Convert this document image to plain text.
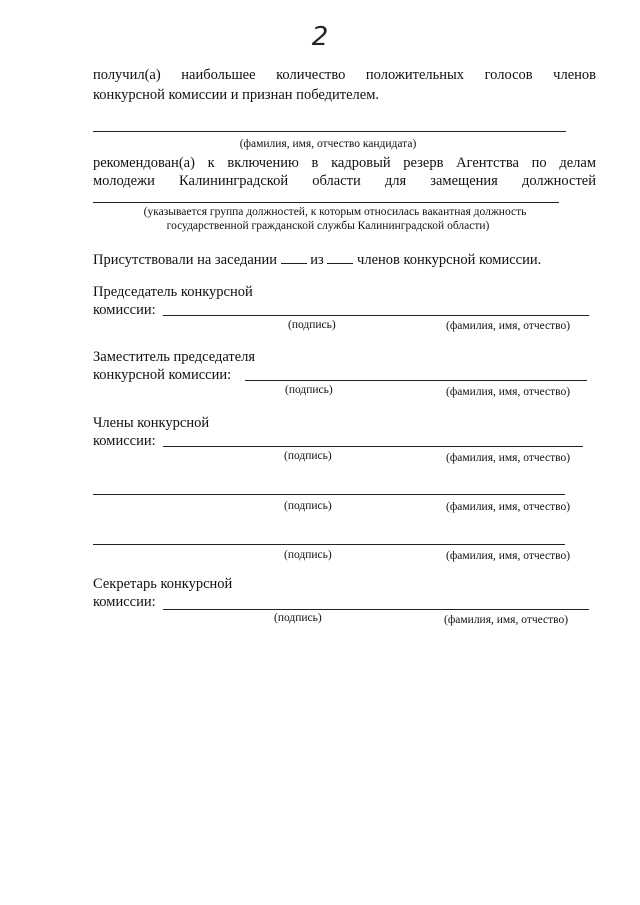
2
получил(а) наибольшее количество положительных голосов членов
конкурсной комиссии и признан победителем.
(фамилия, имя, отчество кандидата)
рекомендован(а) к включению в кадровый резерв Агентства по делам
молодежи Калининградской области для замещения должностей
(указывается группа должностей, к которым относилась вакантная должность
государственной гражданской службы Калининградской области)
Присутствовали на заседании из членов конкурсной комиссии.
Председатель конкурсной
комиссии:
(подпись)	(фамилия, имя, отчество)
Заместитель председателя
конкурсной комиссии:
(подпись)	(фамилия, имя, отчество)
Члены конкурсной
комиссии:
(подпись)	(фамилия, имя, отчество)
(подпись)	(фамилия, имя, отчество)
(подпись)	(фамилия, имя, отчество)
Секретарь конкурсной
комиссии:
(подпись)	(фамилия, имя, отчество)
